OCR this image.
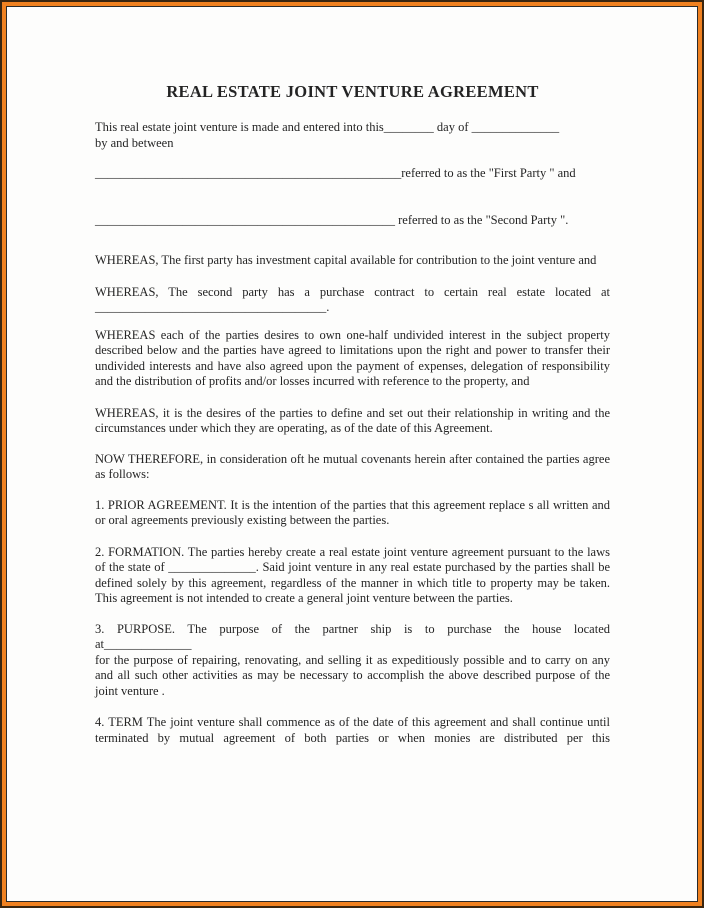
REAL ESTATE JOINT VENTURE AGREEMENT

This real estate joint venture is made and entered into this________ day of ______________

by and between

_________________________________________________referred to as the "First Party " and

________________________________________________ referred to as the "Second Party ".

WHEREAS, The first party has investment capital available for contribution to the joint venture and

WHEREAS, The second party has a purchase contract to certain real estate located at

_____________________________________.

WHEREAS each of the parties desires to own one-half undivided interest in the subject property described below and the parties have agreed to limitations upon the right and power to transfer their undivided interests and have also agreed upon the payment of expenses, delegation of responsibility and the distribution of profits and/or losses incurred with reference to the property, and

WHEREAS, it is the desires of the parties to define and set out their relationship in writing and the circumstances under which they are operating, as of the date of this Agreement.

NOW THEREFORE, in consideration oft he mutual covenants herein after contained the parties agree as follows:

1. PRIOR AGREEMENT. It is the intention of the parties that this agreement replace s all written and or oral agreements previously existing between the parties.

2. FORMATION. The parties hereby create a real estate joint venture agreement pursuant to the laws of the state of ______________. Said joint venture in any real estate purchased by the parties shall be defined solely by this agreement, regardless of the manner in which title to property may be taken. This agreement is not intended to create a general joint venture between the parties.

3. PURPOSE. The purpose of the partner ship is to purchase the house located

at______________

for the purpose of repairing, renovating, and selling it as expeditiously possible and to carry on any and all such other activities as may be necessary to accomplish the above described purpose of the joint venture .

4. TERM The joint venture shall commence as of the date of this agreement and shall continue until terminated by mutual agreement of both parties or when monies are distributed per this
